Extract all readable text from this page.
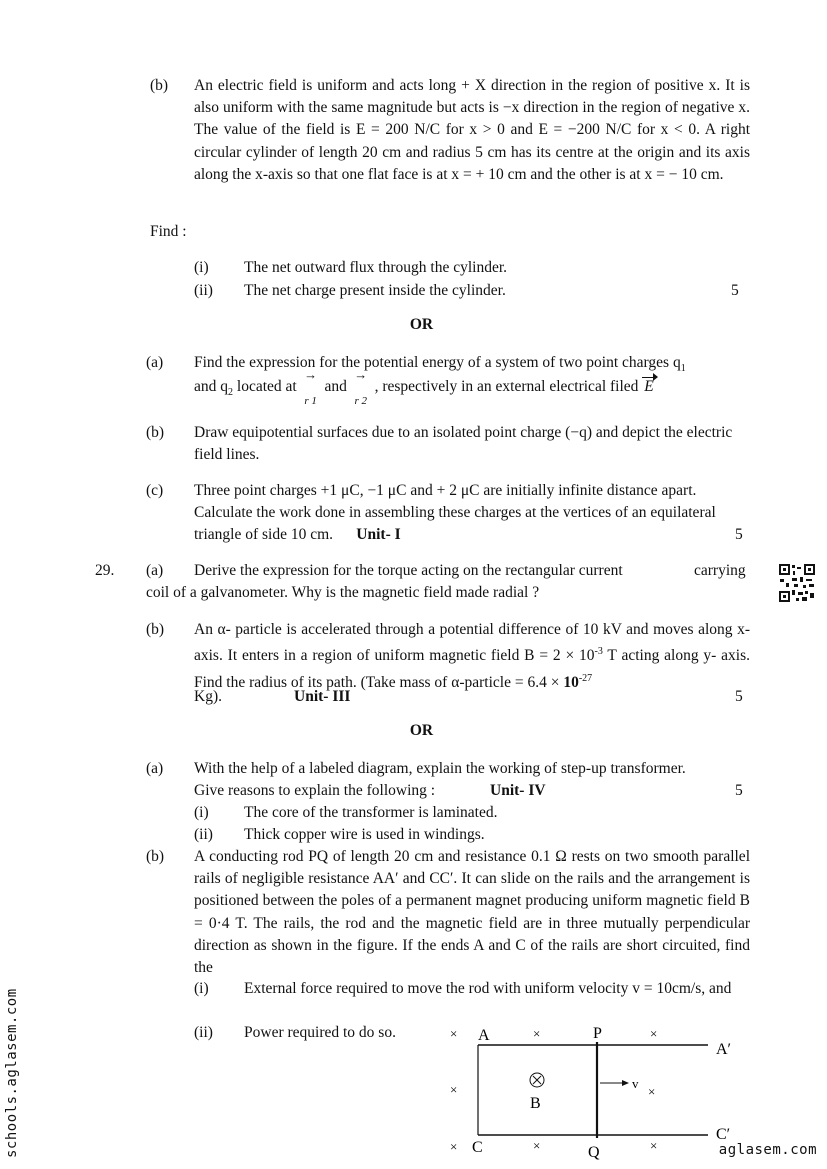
(b) An electric field is uniform and acts long + X direction in the region of positive x. It is also uniform with the same magnitude but acts is −x direction in the region of negative x. The value of the field is E = 200 N/C for x > 0 and E = −200 N/C for x < 0. A right circular cylinder of length 20 cm and radius 5 cm has its centre at the origin and its axis along the x-axis so that one flat face is at x = + 10 cm and the other is at x = − 10 cm.
Find :
(i) The net outward flux through the cylinder.
(ii) The net charge present inside the cylinder.	5
OR
(a) Find the expression for the potential energy of a system of two point charges $q_1$
and $q_2$ located at
→
$_{r 1}$ and
→
$_{r 2}$ , respectively in an external electrical filed E
(b) Draw equipotential surfaces due to an isolated point charge (−q) and depict the electric field lines.
(c) Three point charges +1 μC, −1 μC and + 2 μC are initially infinite distance apart. Calculate the work done in assembling these charges at the vertices of an equilateral triangle of side 10 cm. Unit- I	5
29. (a) Derive the expression for the torque acting on the rectangular current	carrying
coil of a galvanometer. Why is the magnetic field made radial ?
(b) An α- particle is accelerated through a potential difference of 10 kV and moves along x- axis. It enters in a region of uniform magnetic field $B = 2 \times 10^{-3}$ T acting along y- axis. Find the radius of its path. (Take mass of α-particle = $6.4 \times 10^{-27}$
Kg).	Unit- III	5
OR
(a) With the help of a labeled diagram, explain the working of step-up transformer.
Give reasons to explain the following :	Unit- IV	5
(i) The core of the transformer is laminated.
(ii) Thick copper wire is used in windings.
(b) A conducting rod PQ of length 20 cm and resistance 0.1 Ω rests on two smooth parallel rails of negligible resistance AA′ and CC′. It can slide on the rails and the arrangement is positioned between the poles of a permanent magnet producing uniform magnetic field B = 0·4 T. The rails, the rod and the magnetic field are in three mutually perpendicular direction as shown in the figure. If the ends A and C of the rails are short circuited, find the
(i) External force required to move the rod with uniform velocity v = 10cm/s, and
(ii) Power required to do so.	A	P
A′
C	Q
C′
B
v
×	×	×
×	×
×	×	×
schools.aglasem.com	aglasem.com
